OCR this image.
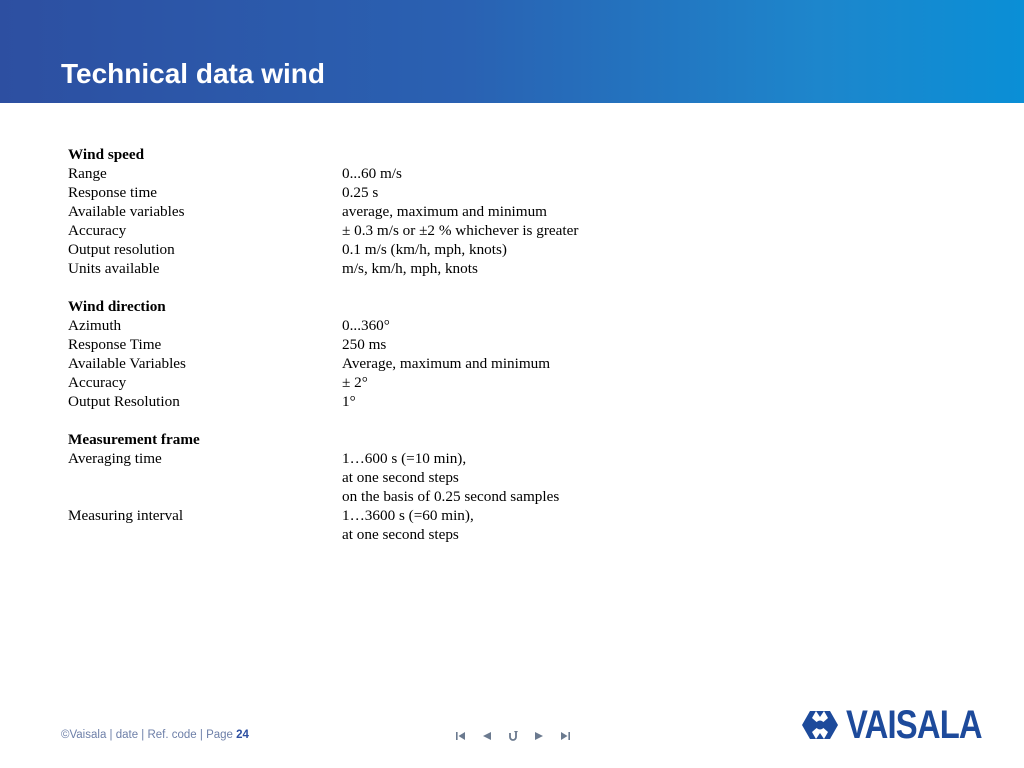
Technical data wind
Wind speed
Range	0...60 m/s
Response time	0.25 s
Available variables	average, maximum and minimum
Accuracy	± 0.3 m/s or ±2 % whichever is greater
Output resolution	0.1 m/s (km/h, mph, knots)
Units available	m/s, km/h, mph, knots
Wind direction
Azimuth	0...360°
Response Time	250 ms
Available Variables	Average, maximum and minimum
Accuracy	± 2°
Output Resolution	1°
Measurement frame
Averaging time	1…600 s (=10 min),
at one second steps
on the basis of 0.25 second samples
Measuring interval	1…3600 s (=60 min),
at one second steps
©Vaisala | date | Ref. code | Page 24	VAISALA
